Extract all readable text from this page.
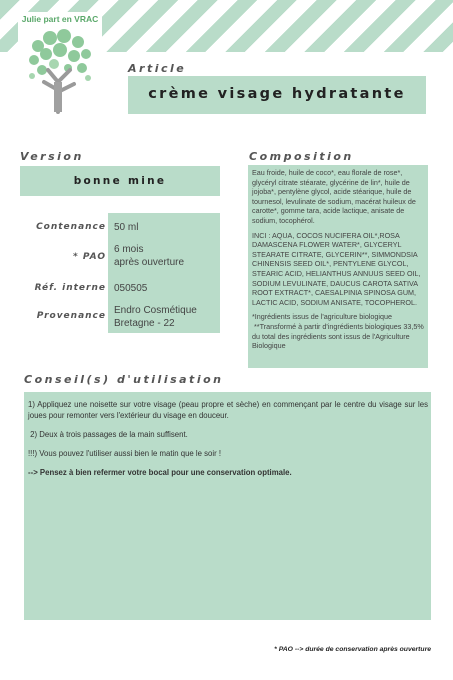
Julie part en VRAC
Article
crème visage hydratante
Version
bonne mine
Contenance 50 ml
* PAO
6 mois
après ouverture
Réf. interne 050505
Provenance Endro Cosmétique
Bretagne - 22
Composition

Eau froide, huile de coco*, eau florale de rose*, glycéryl citrate stéarate, glycérine de lin*, huile de jojoba*, pentylène glycol, acide stéarique, huile de tournesol, levulinate de sodium, macérat huileux de carotte*, gomme tara, acide lactique, anisate de sodium, tocophérol.

INCI : AQUA, COCOS NUCIFERA OIL*,ROSA DAMASCENA FLOWER WATER*, GLYCERYL STEARATE CITRATE, GLYCERIN**, SIMMONDSIA CHINENSIS SEED OIL*, PENTYLENE GLYCOL, STEARIC ACID, HELIANTHUS ANNUUS SEED OIL, SODIUM LEVULINATE, DAUCUS CAROTA SATIVA ROOT EXTRACT*, CAESALPINIA SPINOSA GUM, LACTIC ACID, SODIUM ANISATE, TOCOPHEROL.

*Ingrédients issus de l'agriculture biologique

**Transformé à partir d'ingrédients biologiques 33,5% du total des ingrédients sont issus de l'Agriculture Biologique

Conseil(s) d'utilisation

1) Appliquez une noisette sur votre visage (peau propre et sèche) en commençant par le centre du visage sur les joues pour remonter vers l'extérieur du visage en douceur.

2) Deux à trois passages de la main suffisent.

!!!) Vous pouvez l'utiliser aussi bien le matin que le soir !

--> Pensez à bien refermer votre bocal pour une conservation optimale.

* PAO --> durée de conservation après ouverture
